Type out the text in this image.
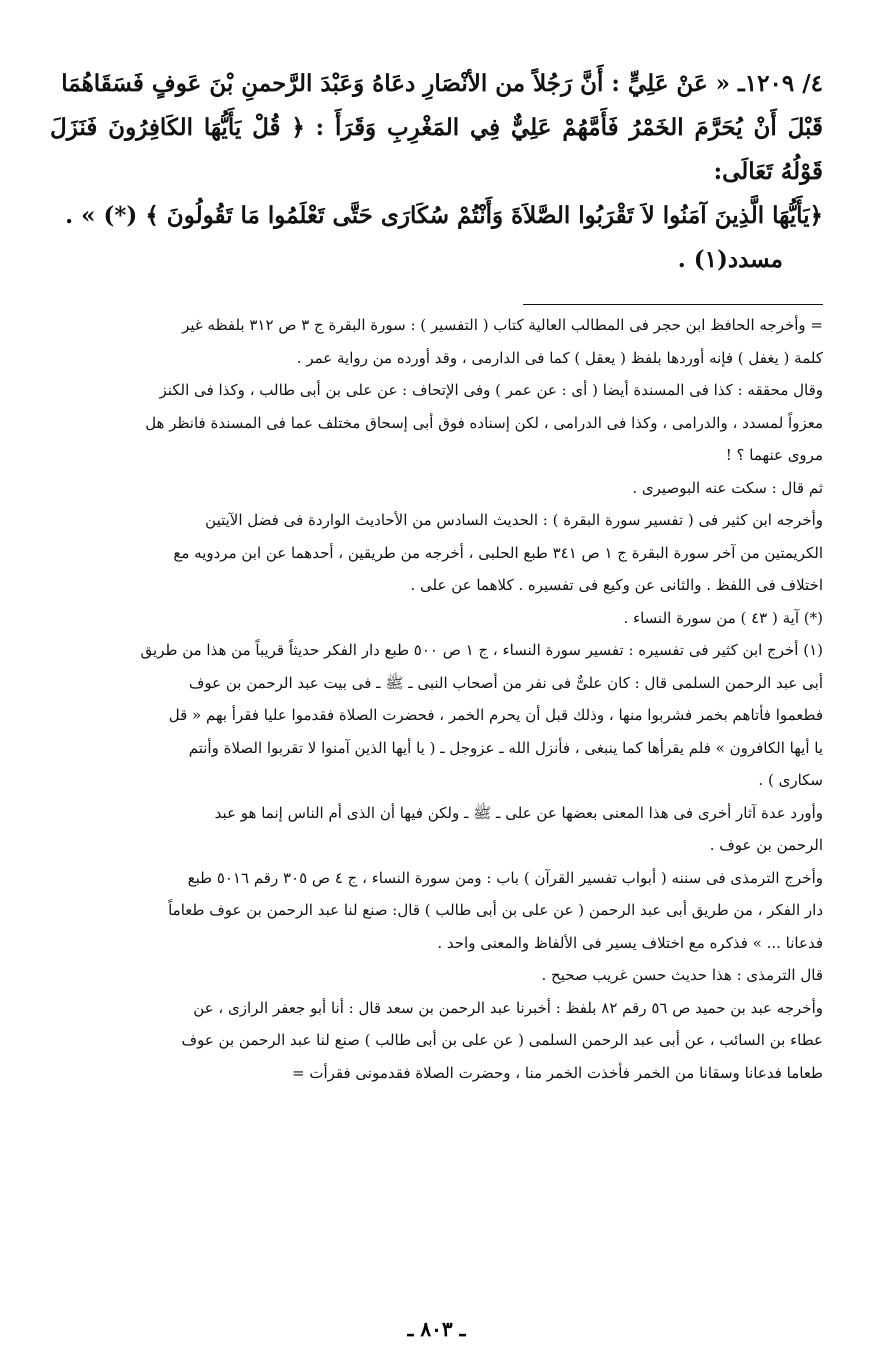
٤/ ١٢٠٩ـ « عَنْ عَلِيٍّ : أَنَّ رَجُلاً من الأنْصَارِ دعَاهُ وَعَبْدَ الرَّحمنِ بْنَ عَوفٍ فَسَقَاهُمَا

قَبْلَ أَنْ يُحَرَّمَ الخَمْرُ فَأَمَّهُمْ عَلِيٌّ فِي المَغْرِبِ وَقَرَأَ : ﴿ قُلْ يَأَيُّهَا الكَافِرُونَ فَنَزَلَ قَوْلُهُ تَعَالَى:

﴿يَأَيُّهَا الَّذِينَ آمَنُوا لاَ تَقْرَبُوا الصَّلاَةَ وَأَنْتُمْ سُكَارَى حَتَّى تَعْلَمُوا مَا تَقُولُونَ ﴾ (*) » .

مسدد(١) .

= وأخرجه الحافظ ابن حجر فى المطالب العالية كتاب ( التفسير ) : سورة البقرة ج ٣ ص ٣١٢ بلفظه غير

كلمة ( يغفل ) فإنه أوردها بلفظ ( يعقل ) كما فى الدارمى ، وقد أورده من رواية عمر .

وقال محققه : كذا فى المسندة أيضا ( أى : عن عمر ) وفى الإتحاف : عن على بن أبى طالب ، وكذا فى الكنز

معزواً لمسدد ، والدرامى ، وكذا فى الدرامى ، لكن إسناده فوق أبى إسحاق مختلف عما فى المسندة فانظر هل

مروى عنهما ؟ !

ثم قال : سكت عنه البوصيرى .

وأخرجه ابن كثير فى ( تفسير سورة البقرة ) : الحديث السادس من الأحاديث الواردة فى فضل الآيتين

الكريمتين من آخر سورة البقرة ج ١ ص ٣٤١ طبع الحلبى ، أخرجه من طريقين ، أحدهما عن ابن مردويه مع

اختلاف فى اللفظ . والثانى عن وكيع فى تفسيره . كلاهما عن على .

(*) آية ( ٤٣ ) من سورة النساء .

(١) أخرج ابن كثير فى تفسيره : تفسير سورة النساء ، ج ١ ص ٥٠٠ طبع دار الفكر حديثاً قريباً من هذا من طريق

أبى عبد الرحمن السلمى قال : كان علىٌّ فى نفر من أصحاب النبى ـ ﷺ ـ فى بيت عبد الرحمن بن عوف

فطعموا فأتاهم بخمر فشربوا منها ، وذلك قبل أن يحرم الخمر ، فحضرت الصلاة فقدموا عليا فقرأ بهم « قل

يا أيها الكافرون » فلم يقرأها كما ينبغى ، فأنزل الله ـ عزوجل ـ ( يا أيها الذين آمنوا لا تقربوا الصلاة وأنتم

سكارى ) .

وأورد عدة آثار أخرى فى هذا المعنى بعضها عن على ـ ﷺ ـ ولكن فيها أن الذى أم الناس إنما هو عبد

الرحمن بن عوف .

وأخرج الترمذى فى سننه ( أبواب تفسير القرآن ) باب : ومن سورة النساء ، ج ٤ ص ٣٠٥ رقم ٥٠١٦ طبع

دار الفكر ، من طريق أبى عبد الرحمن ( عن على بن أبى طالب ) قال: صنع لنا عبد الرحمن بن عوف طعاماً

فدعانا ... » فذكره مع اختلاف يسير فى الألفاظ والمعنى واحد .

قال الترمذى : هذا حديث حسن غريب صحيح .

وأخرجه عبد بن حميد ص ٥٦ رقم ٨٢ بلفظ : أخبرنا عبد الرحمن بن سعد قال : أنا أبو جعفر الرازى ، عن

عطاء بن السائب ، عن أبى عبد الرحمن السلمى ( عن على بن أبى طالب ) صنع لنا عبد الرحمن بن عوف

طعاما فدعانا وسقانا من الخمر فأخذت الخمر منا ، وحضرت الصلاة فقدمونى فقرأت =

ـ ٨٠٣ ـ
